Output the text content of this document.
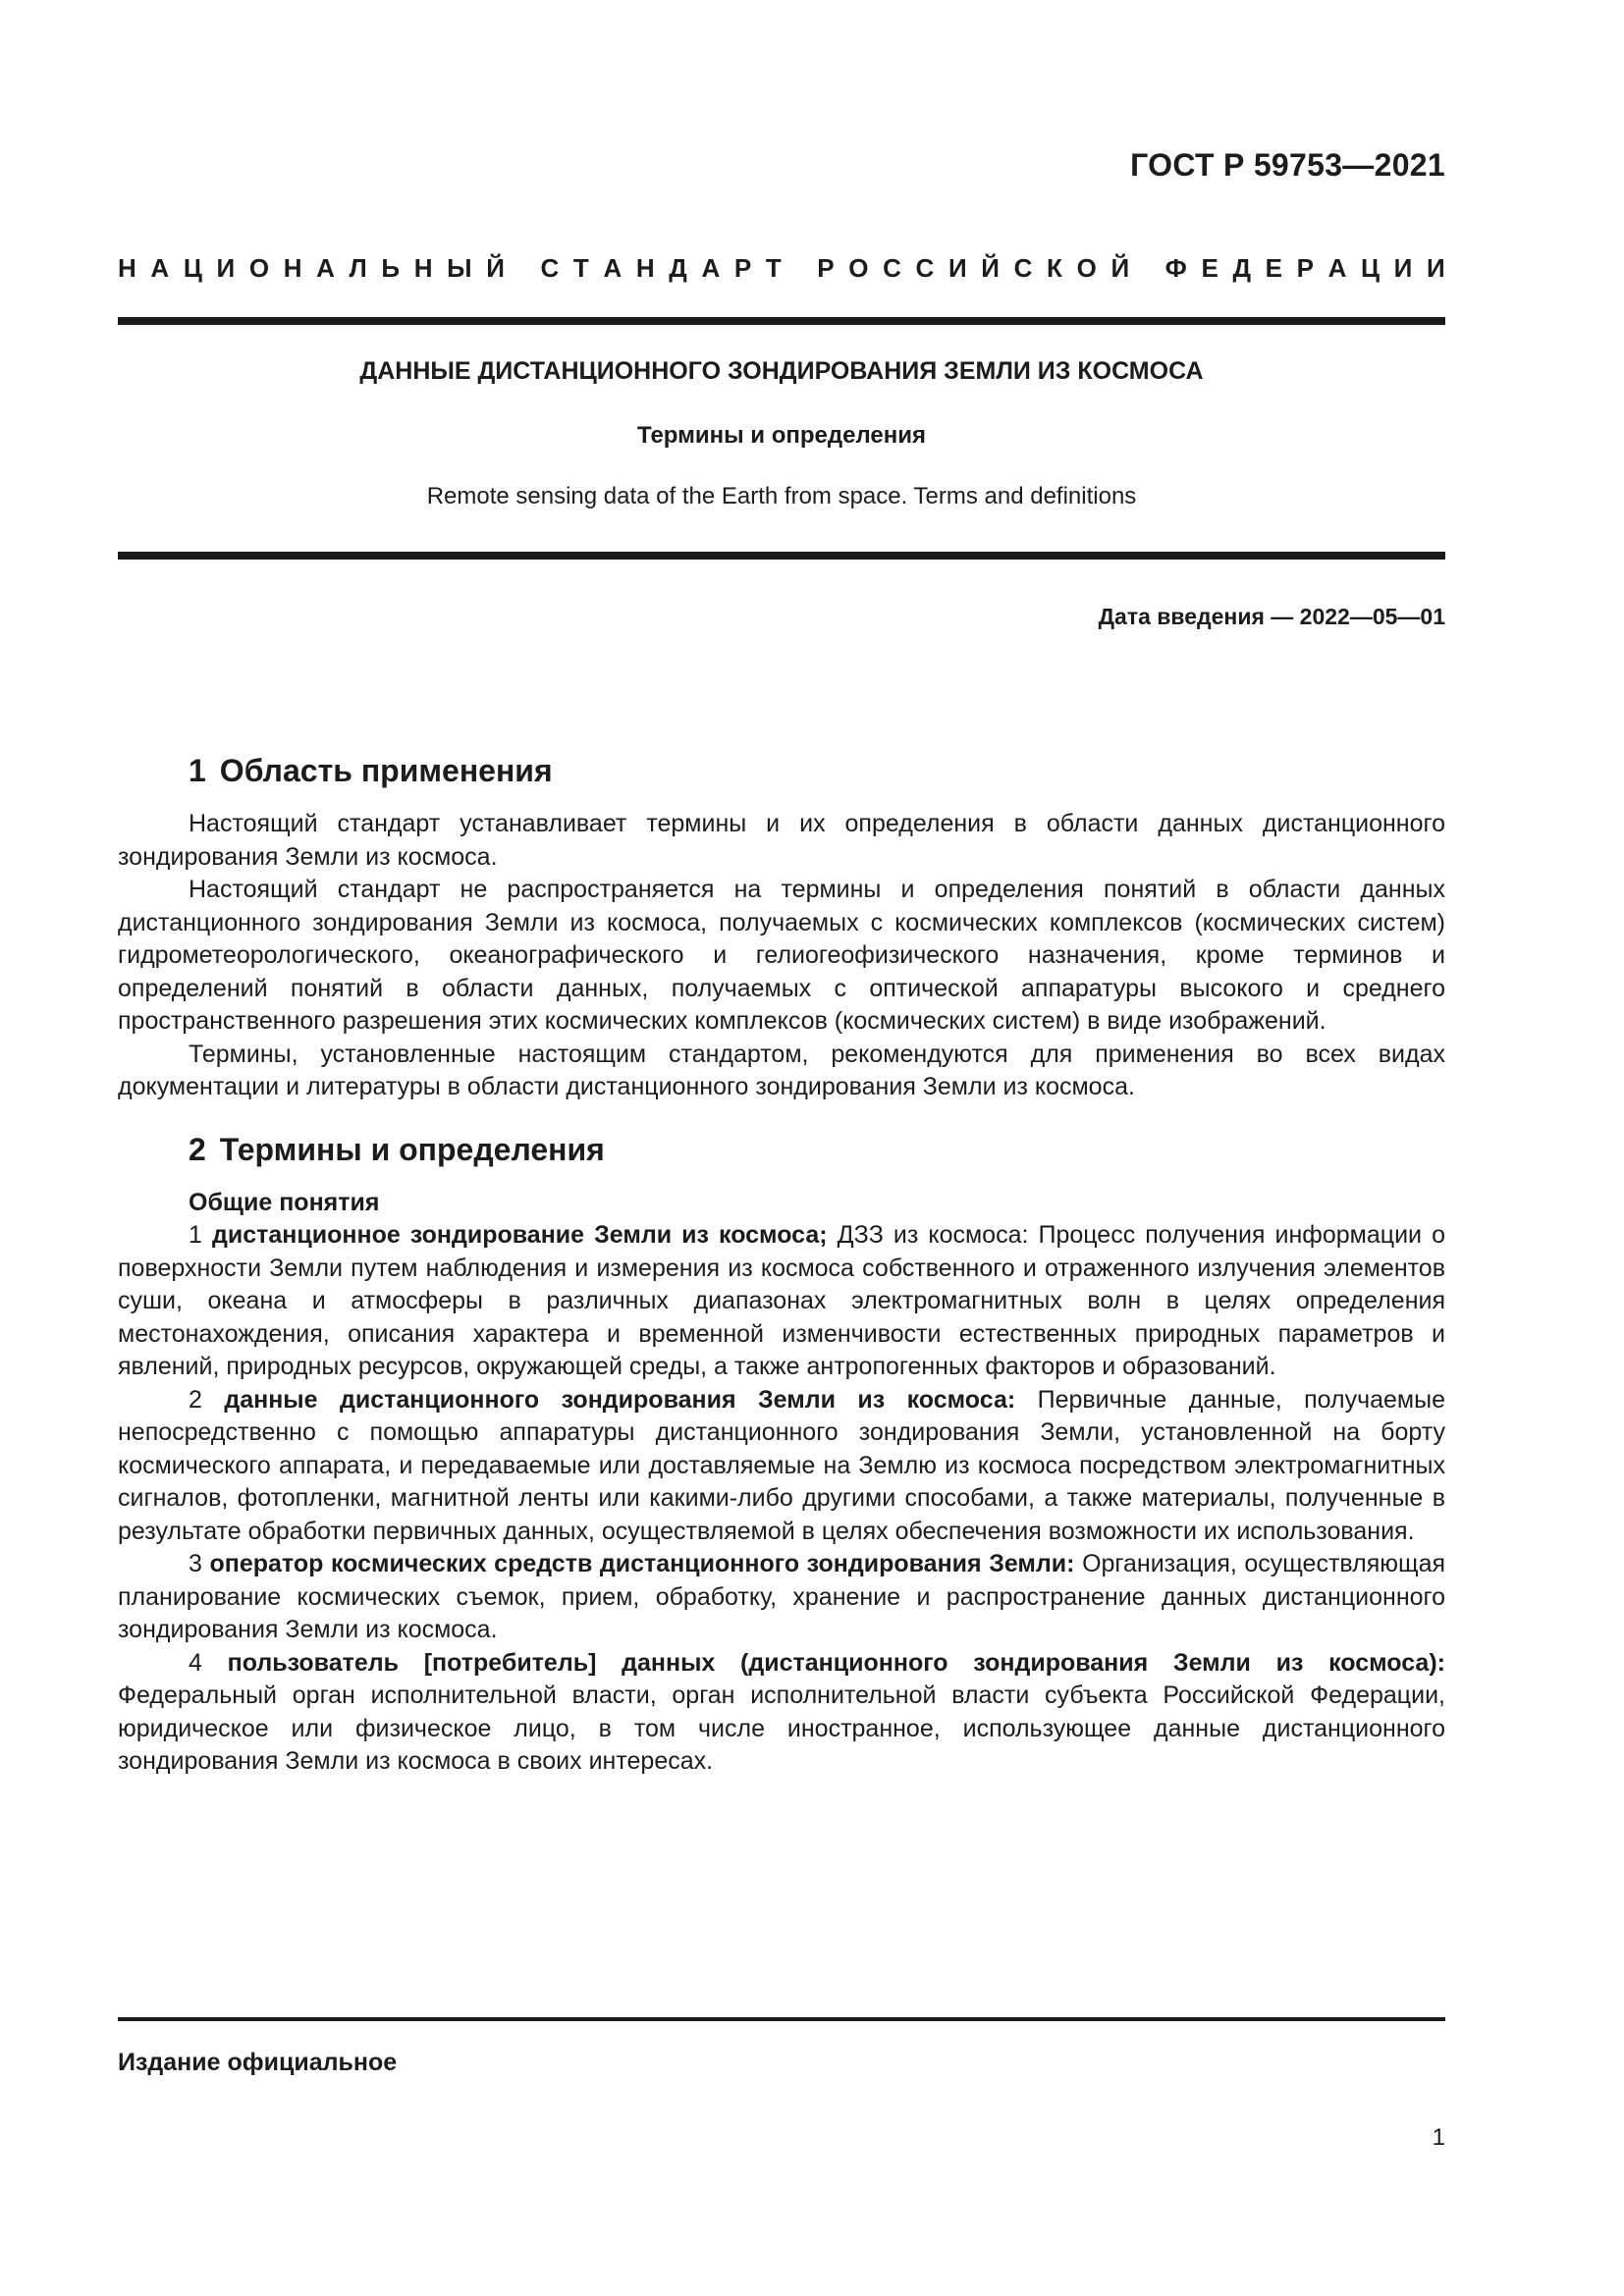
ГОСТ Р 59753—2021
Н А Ц И О Н А Л Ь Н Ы Й
С Т А Н Д А Р Т
Р О С С И Й С К О Й
Ф Е Д Е Р А Ц И И
ДАННЫЕ ДИСТАНЦИОННОГО ЗОНДИРОВАНИЯ ЗЕМЛИ ИЗ КОСМОСА
Термины и определения
Remote sensing data of the Earth from space. Terms and definitions
Дата введения — 2022—05—01
1 Область применения

Настоящий стандарт устанавливает термины и их определения в области данных дистанционного зондирования Земли из космоса.

Настоящий стандарт не распространяется на термины и определения понятий в области данных дистанционного зондирования Земли из космоса, получаемых с космических комплексов (космических систем) гидрометеорологического, океанографического и гелиогеофизического назначения, кроме терминов и определений понятий в области данных, получаемых с оптической аппаратуры высокого и среднего пространственного разрешения этих космических комплексов (космических систем) в виде изображений.

Термины, установленные настоящим стандартом, рекомендуются для применения во всех видах документации и литературы в области дистанционного зондирования Земли из космоса.

2 Термины и определения
Общие понятия

1 дистанционное зондирование Земли из космоса; ДЗЗ из космоса: Процесс получения информации о поверхности Земли путем наблюдения и измерения из космоса собственного и отраженного излучения элементов суши, океана и атмосферы в различных диапазонах электромагнитных волн в целях определения местонахождения, описания характера и временной изменчивости естественных природных параметров и явлений, природных ресурсов, окружающей среды, а также антропогенных факторов и образований.

2 данные дистанционного зондирования Земли из космоса: Первичные данные, получаемые непосредственно с помощью аппаратуры дистанционного зондирования Земли, установленной на борту космического аппарата, и передаваемые или доставляемые на Землю из космоса посредством электромагнитных сигналов, фотопленки, магнитной ленты или какими-либо другими способами, а также материалы, полученные в результате обработки первичных данных, осуществляемой в целях обеспечения возможности их использования.

3 оператор космических средств дистанционного зондирования Земли: Организация, осуществляющая планирование космических съемок, прием, обработку, хранение и распространение данных дистанционного зондирования Земли из космоса.

4 пользователь [потребитель] данных (дистанционного зондирования Земли из космоса): Федеральный орган исполнительной власти, орган исполнительной власти субъекта Российской Федерации, юридическое или физическое лицо, в том числе иностранное, использующее данные дистанционного зондирования Земли из космоса в своих интересах.

Издание официальное
1
